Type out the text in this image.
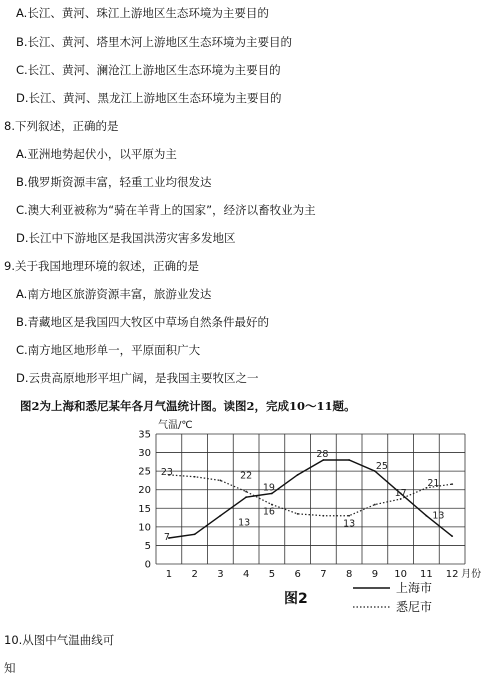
A.长江、黄河、珠江上游地区生态环境为主要目的
B.长江、黄河、塔里木河上游地区生态环境为主要目的
C.长江、黄河、澜沧江上游地区生态环境为主要目的
D.长江、黄河、黑龙江上游地区生态环境为主要目的
8.下列叙述，正确的是
A.亚洲地势起伏小，以平原为主
B.俄罗斯资源丰富，轻重工业均很发达
C.澳大利亚被称为“骑在羊背上的国家”，经济以畜牧业为主
D.长江中下游地区是我国洪涝灾害多发地区
9.关于我国地理环境的叙述，正确的是
A.南方地区旅游资源丰富，旅游业发达
B.青藏地区是我国四大牧区中草场自然条件最好的
C.南方地区地形单一，平原面积广大
D.云贵高原地形平坦广阔，是我国主要牧区之一
图2为上海和悉尼某年各月气温统计图。读图2，完成10～11题。
0
5
10
15
20
25
30
35
1 2 3 4 5 6 7 8 9 10 11 12 月份
7
23	22
13
19
16
28
13
25
17
21
13
气温/℃
图2
上海市
悉尼市
10.从图中气温曲线可
知
